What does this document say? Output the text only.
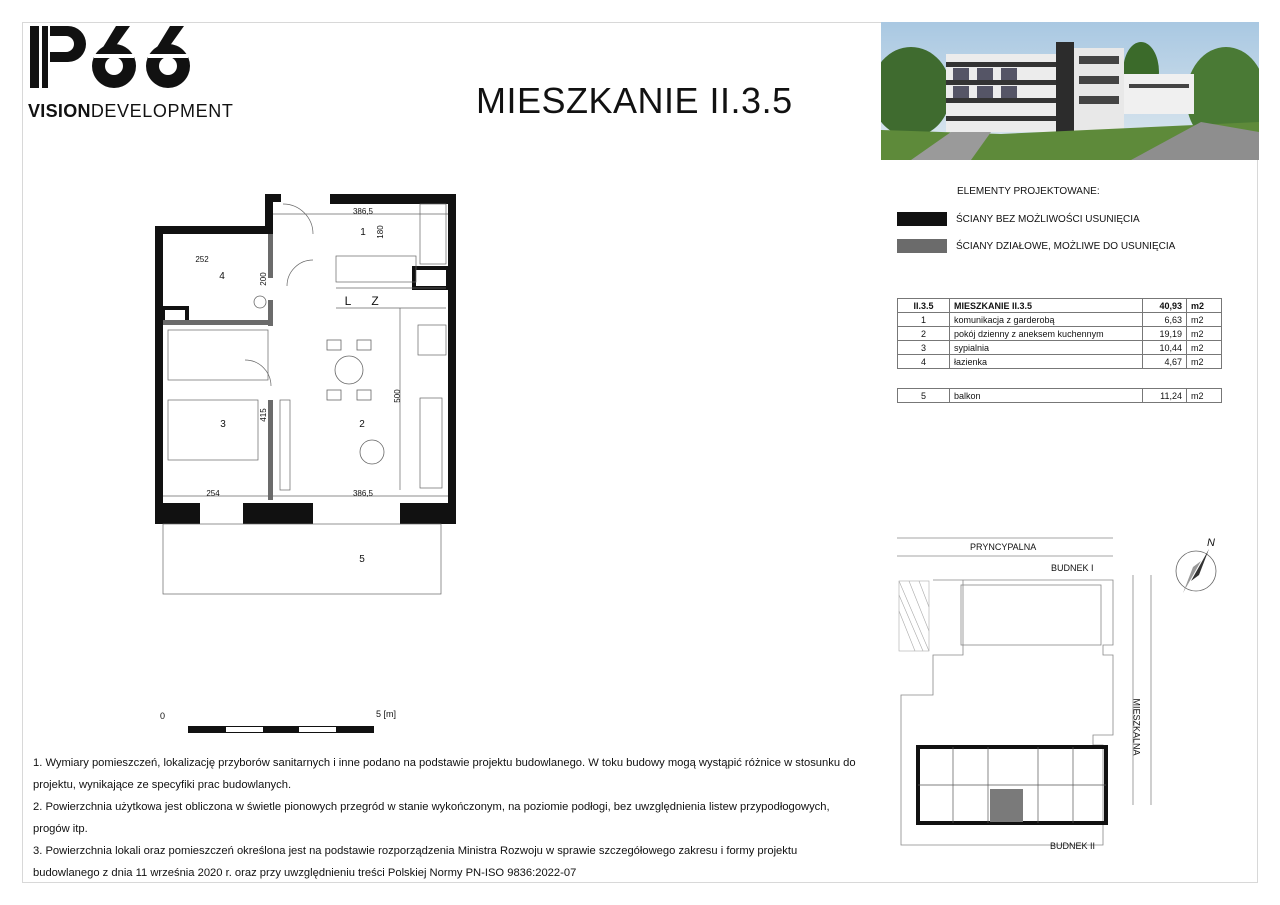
VISIONDEVELOPMENT	MIESZKANIE II.3.5
ELEMENTY PROJEKTOWANE:
ŚCIANY BEZ MOŻLIWOŚCI USUNIĘCIA
ŚCIANY DZIAŁOWE, MOŻLIWE DO USUNIĘCIA
II.3.5	MIESZKANIE II.3.5	40,93	m2
1	komunikacja z garderobą	6,63	m2
2	pokój dzienny z aneksem kuchennym	19,19	m2
3	sypialnia	10,44	m2
4	łazienka	4,67	m2
5	balkon	11,24	m2
1
2
3
4
5
L Z
386,5
180
252
200
415
500
254	386,5
0	5 [m]

1. Wymiary pomieszczeń, lokalizację przyborów sanitarnych i inne podano na podstawie projektu budowlanego. W toku budowy mogą wystąpić różnice w stosunku do projektu, wynikające ze specyfiki prac budowlanych.

2. Powierzchnia użytkowa jest obliczona w świetle pionowych przegród w stanie wykończonym, na poziomie podłogi, bez uwzględnienia listew przypodłogowych, progów itp.

3. Powierzchnia lokali oraz pomieszczeń określona jest na podstawie rozporządzenia Ministra Rozwoju w sprawie szczegółowego zakresu i formy projektu budowlanego z dnia 11 września 2020 r. oraz przy uwzględnieniu treści Polskiej Normy PN-ISO 9836:2022-07

PRYNCYPALNA
BUDNEK I
BUDNEK II
MIESZKALNA
N
